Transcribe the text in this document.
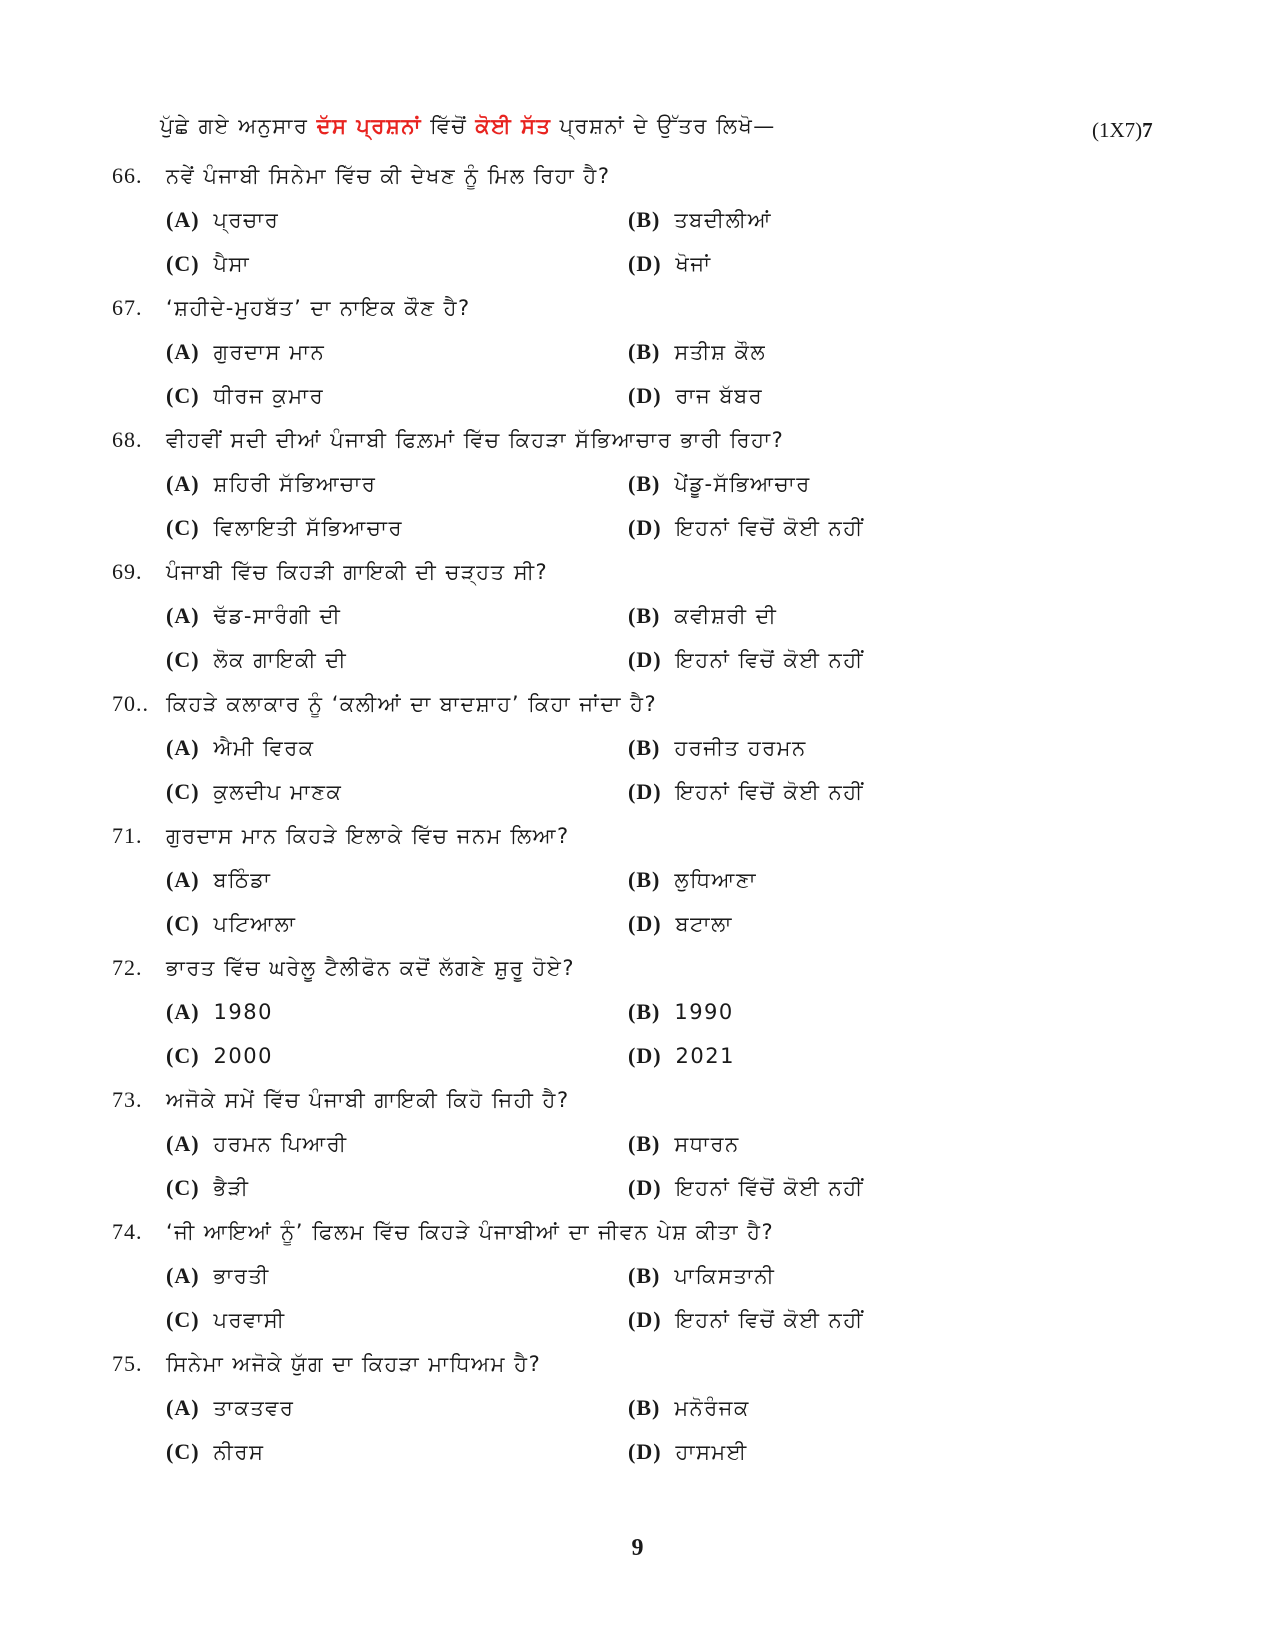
ਪੁੱਛੇ ਗਏ ਅਨੁਸਾਰ ਦੱਸ ਪ੍ਰਸ਼ਨਾਂ ਵਿੱਚੋਂ ਕੋਈ ਸੱਤ ਪ੍ਰਸ਼ਨਾਂ ਦੇ ਉੱਤਰ ਲਿਖੋ—	(1X7)7
66.	ਨਵੇਂ ਪੰਜਾਬੀ ਸਿਨੇਮਾ ਵਿੱਚ ਕੀ ਦੇਖਣ ਨੂੰ ਮਿਲ ਰਿਹਾ ਹੈ?
(A) ਪ੍ਰਚਾਰ	(B) ਤਬਦੀਲੀਆਂ
(C) ਪੈਸਾ	(D) ਖੋਜਾਂ
67.	‘ਸ਼ਹੀਦੇ-ਮੁਹਬੱਤ’ ਦਾ ਨਾਇਕ ਕੌਣ ਹੈ?
(A) ਗੁਰਦਾਸ ਮਾਨ	(B) ਸਤੀਸ਼ ਕੌਲ
(C) ਧੀਰਜ ਕੁਮਾਰ	(D) ਰਾਜ ਬੱਬਰ
68.	ਵੀਹਵੀਂ ਸਦੀ ਦੀਆਂ ਪੰਜਾਬੀ ਫਿਲ਼ਮਾਂ ਵਿੱਚ ਕਿਹੜਾ ਸੱਭਿਆਚਾਰ ਭਾਰੀ ਰਿਹਾ?
(A) ਸ਼ਹਿਰੀ ਸੱਭਿਆਚਾਰ	(B) ਪੇਂਡੂ-ਸੱਭਿਆਚਾਰ
(C) ਵਿਲਾਇਤੀ ਸੱਭਿਆਚਾਰ	(D) ਇਹਨਾਂ ਵਿਚੋਂ ਕੋਈ ਨਹੀਂ
69.	ਪੰਜਾਬੀ ਵਿੱਚ ਕਿਹੜੀ ਗਾਇਕੀ ਦੀ ਚੜ੍ਹਤ ਸੀ?
(A) ਢੱਡ-ਸਾਰੰਗੀ ਦੀ	(B) ਕਵੀਸ਼ਰੀ ਦੀ
(C) ਲੋਕ ਗਾਇਕੀ ਦੀ	(D) ਇਹਨਾਂ ਵਿਚੋਂ ਕੋਈ ਨਹੀਂ
70.. ਕਿਹੜੇ ਕਲਾਕਾਰ ਨੂੰ ‘ਕਲੀਆਂ ਦਾ ਬਾਦਸ਼ਾਹ’ ਕਿਹਾ ਜਾਂਦਾ ਹੈ?
(A) ਐਮੀ ਵਿਰਕ	(B) ਹਰਜੀਤ ਹਰਮਨ
(C) ਕੁਲਦੀਪ ਮਾਣਕ	(D) ਇਹਨਾਂ ਵਿਚੋਂ ਕੋਈ ਨਹੀਂ
71.	ਗੁਰਦਾਸ ਮਾਨ ਕਿਹੜੇ ਇਲਾਕੇ ਵਿੱਚ ਜਨਮ ਲਿਆ?
(A) ਬਠਿੰਡਾ	(B) ਲੁਧਿਆਣਾ
(C) ਪਟਿਆਲਾ	(D) ਬਟਾਲਾ
72.	ਭਾਰਤ ਵਿੱਚ ਘਰੇਲੂ ਟੈਲੀਫੋਨ ਕਦੋਂ ਲੱਗਣੇ ਸ਼ੁਰੂ ਹੋਏ?
(A) 1980	(B) 1990
(C) 2000	(D) 2021
73.	ਅਜੋਕੇ ਸਮੇਂ ਵਿੱਚ ਪੰਜਾਬੀ ਗਾਇਕੀ ਕਿਹੋ ਜਿਹੀ ਹੈ?
(A) ਹਰਮਨ ਪਿਆਰੀ	(B) ਸਧਾਰਨ
(C) ਭੈੜੀ	(D) ਇਹਨਾਂ ਵਿੱਚੋਂ ਕੋਈ ਨਹੀਂ
74.	‘ਜੀ ਆਇਆਂ ਨੂੰ’ ਫਿਲਮ ਵਿੱਚ ਕਿਹੜੇ ਪੰਜਾਬੀਆਂ ਦਾ ਜੀਵਨ ਪੇਸ਼ ਕੀਤਾ ਹੈ?
(A) ਭਾਰਤੀ	(B) ਪਾਕਿਸਤਾਨੀ
(C) ਪਰਵਾਸੀ	(D) ਇਹਨਾਂ ਵਿਚੋਂ ਕੋਈ ਨਹੀਂ
75.	ਸਿਨੇਮਾ ਅਜੋਕੇ ਯੁੱਗ ਦਾ ਕਿਹੜਾ ਮਾਧਿਅਮ ਹੈ?
(A) ਤਾਕਤਵਰ	(B) ਮਨੋਰੰਜਕ
(C) ਨੀਰਸ	(D) ਹਾਸਮਈ
9
